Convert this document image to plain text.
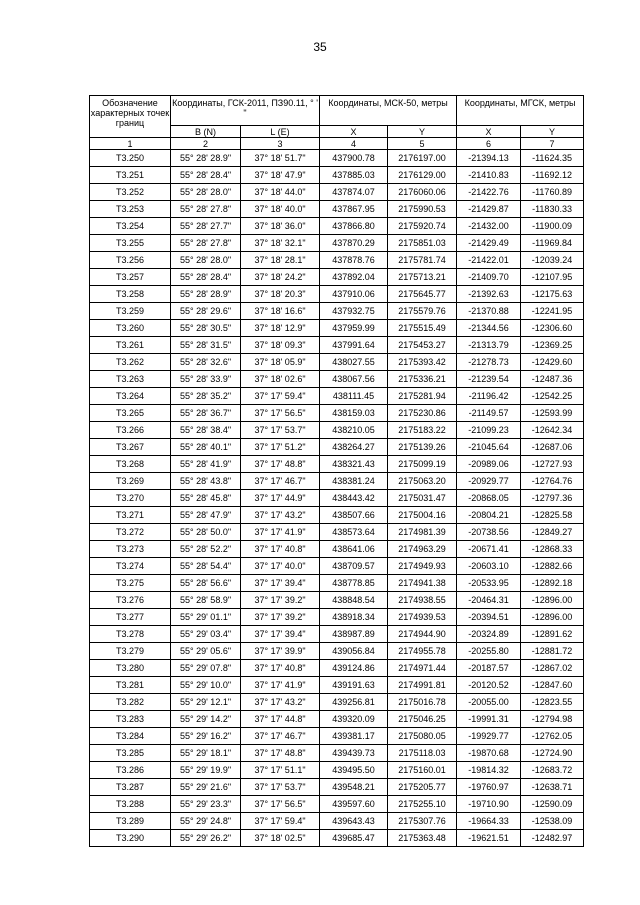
35
Обозначение характерных точек границ	Координаты, ГСК-2011, ПЗ90.11, ° ' "		Координаты, МСК-50, метры		Координаты, МГСК, метры	
	B (N)	L (E)	X	Y	X	Y
1	2	3	4	5	6	7
Т3.250	55° 28' 28.9"	37° 18' 51.7"	437900.78	2176197.00	-21394.13	-11624.35
Т3.251	55° 28' 28.4"	37° 18' 47.9"	437885.03	2176129.00	-21410.83	-11692.12
Т3.252	55° 28' 28.0"	37° 18' 44.0"	437874.07	2176060.06	-21422.76	-11760.89
Т3.253	55° 28' 27.8"	37° 18' 40.0"	437867.95	2175990.53	-21429.87	-11830.33
Т3.254	55° 28' 27.7"	37° 18' 36.0"	437866.80	2175920.74	-21432.00	-11900.09
Т3.255	55° 28' 27.8"	37° 18' 32.1"	437870.29	2175851.03	-21429.49	-11969.84
Т3.256	55° 28' 28.0"	37° 18' 28.1"	437878.76	2175781.74	-21422.01	-12039.24
Т3.257	55° 28' 28.4"	37° 18' 24.2"	437892.04	2175713.21	-21409.70	-12107.95
Т3.258	55° 28' 28.9"	37° 18' 20.3"	437910.06	2175645.77	-21392.63	-12175.63
Т3.259	55° 28' 29.6"	37° 18' 16.6"	437932.75	2175579.76	-21370.88	-12241.95
Т3.260	55° 28' 30.5"	37° 18' 12.9"	437959.99	2175515.49	-21344.56	-12306.60
Т3.261	55° 28' 31.5"	37° 18' 09.3"	437991.64	2175453.27	-21313.79	-12369.25
Т3.262	55° 28' 32.6"	37° 18' 05.9"	438027.55	2175393.42	-21278.73	-12429.60
Т3.263	55° 28' 33.9"	37° 18' 02.6"	438067.56	2175336.21	-21239.54	-12487.36
Т3.264	55° 28' 35.2"	37° 17' 59.4"	438111.45	2175281.94	-21196.42	-12542.25
Т3.265	55° 28' 36.7"	37° 17' 56.5"	438159.03	2175230.86	-21149.57	-12593.99
Т3.266	55° 28' 38.4"	37° 17' 53.7"	438210.05	2175183.22	-21099.23	-12642.34
Т3.267	55° 28' 40.1"	37° 17' 51.2"	438264.27	2175139.26	-21045.64	-12687.06
Т3.268	55° 28' 41.9"	37° 17' 48.8"	438321.43	2175099.19	-20989.06	-12727.93
Т3.269	55° 28' 43.8"	37° 17' 46.7"	438381.24	2175063.20	-20929.77	-12764.76
Т3.270	55° 28' 45.8"	37° 17' 44.9"	438443.42	2175031.47	-20868.05	-12797.36
Т3.271	55° 28' 47.9"	37° 17' 43.2"	438507.66	2175004.16	-20804.21	-12825.58
Т3.272	55° 28' 50.0"	37° 17' 41.9"	438573.64	2174981.39	-20738.56	-12849.27
Т3.273	55° 28' 52.2"	37° 17' 40.8"	438641.06	2174963.29	-20671.41	-12868.33
Т3.274	55° 28' 54.4"	37° 17' 40.0"	438709.57	2174949.93	-20603.10	-12882.66
Т3.275	55° 28' 56.6"	37° 17' 39.4"	438778.85	2174941.38	-20533.95	-12892.18
Т3.276	55° 28' 58.9"	37° 17' 39.2"	438848.54	2174938.55	-20464.31	-12896.00
Т3.277	55° 29' 01.1"	37° 17' 39.2"	438918.34	2174939.53	-20394.51	-12896.00
Т3.278	55° 29' 03.4"	37° 17' 39.4"	438987.89	2174944.90	-20324.89	-12891.62
Т3.279	55° 29' 05.6"	37° 17' 39.9"	439056.84	2174955.78	-20255.80	-12881.72
Т3.280	55° 29' 07.8"	37° 17' 40.8"	439124.86	2174971.44	-20187.57	-12867.02
Т3.281	55° 29' 10.0"	37° 17' 41.9"	439191.63	2174991.81	-20120.52	-12847.60
Т3.282	55° 29' 12.1"	37° 17' 43.2"	439256.81	2175016.78	-20055.00	-12823.55
Т3.283	55° 29' 14.2"	37° 17' 44.8"	439320.09	2175046.25	-19991.31	-12794.98
Т3.284	55° 29' 16.2"	37° 17' 46.7"	439381.17	2175080.05	-19929.77	-12762.05
Т3.285	55° 29' 18.1"	37° 17' 48.8"	439439.73	2175118.03	-19870.68	-12724.90
Т3.286	55° 29' 19.9"	37° 17' 51.1"	439495.50	2175160.01	-19814.32	-12683.72
Т3.287	55° 29' 21.6"	37° 17' 53.7"	439548.21	2175205.77	-19760.97	-12638.71
Т3.288	55° 29' 23.3"	37° 17' 56.5"	439597.60	2175255.10	-19710.90	-12590.09
Т3.289	55° 29' 24.8"	37° 17' 59.4"	439643.43	2175307.76	-19664.33	-12538.09
Т3.290	55° 29' 26.2"	37° 18' 02.5"	439685.47	2175363.48	-19621.51	-12482.97
